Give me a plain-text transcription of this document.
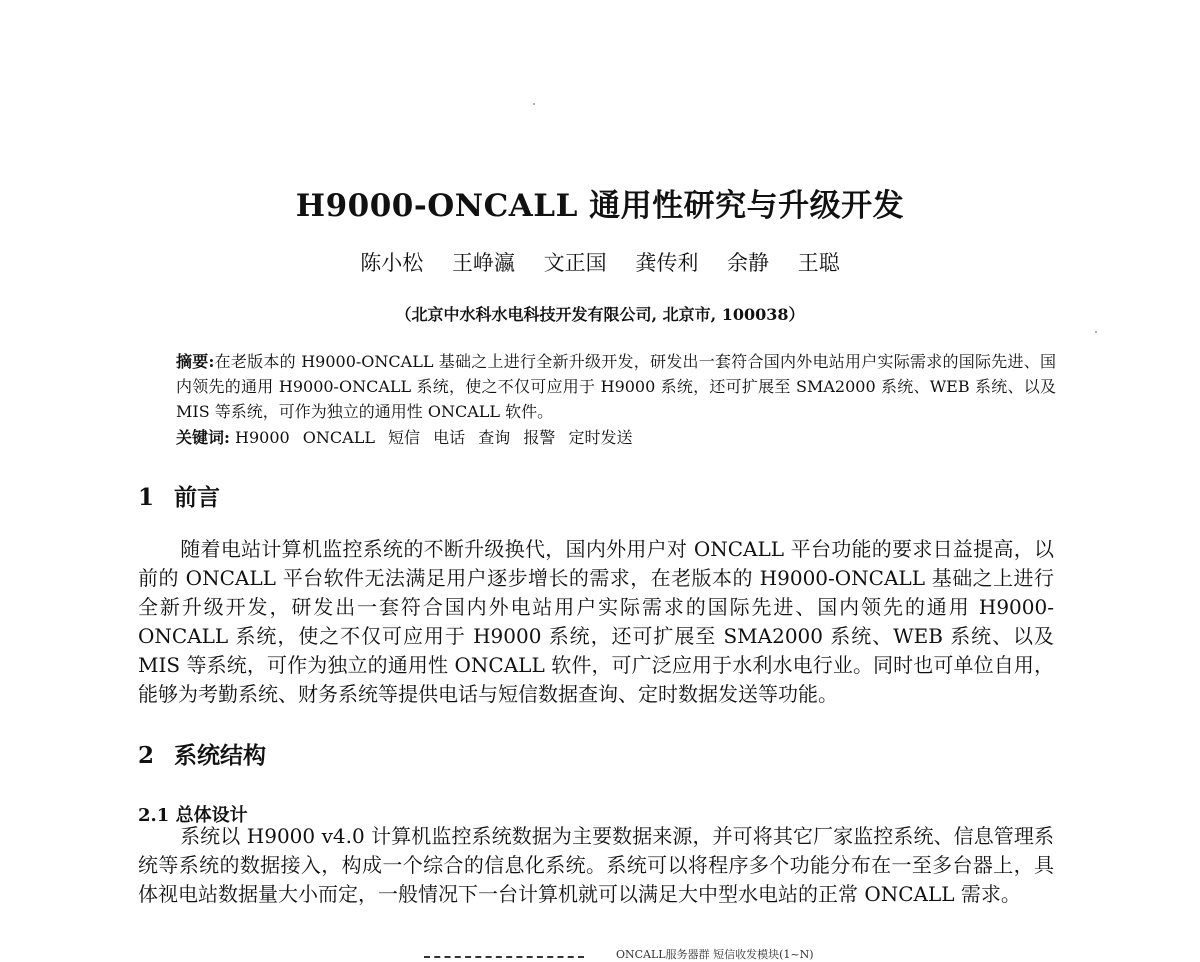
H9000-ONCALL 通用性研究与升级开发
陈小松 王峥瀛 文正国 龚传利 余静 王聪
（北京中水科水电科技开发有限公司, 北京市, 100038）
摘要:在老版本的 H9000-ONCALL 基础之上进行全新升级开发，研发出一套符合国内外电站用户实际需求的国际先进、国内领先的通用 H9000-ONCALL 系统，使之不仅可应用于 H9000 系统，还可扩展至 SMA2000 系统、WEB 系统、以及 MIS 等系统，可作为独立的通用性 ONCALL 软件。
关键词: H9000 ONCALL 短信 电话 查询 报警 定时发送
1 前言
随着电站计算机监控系统的不断升级换代，国内外用户对 ONCALL 平台功能的要求日益提高，以前的 ONCALL 平台软件无法满足用户逐步增长的需求，在老版本的 H9000-ONCALL 基础之上进行全新升级开发，研发出一套符合国内外电站用户实际需求的国际先进、国内领先的通用 H9000-ONCALL 系统，使之不仅可应用于 H9000 系统，还可扩展至 SMA2000 系统、WEB 系统、以及 MIS 等系统，可作为独立的通用性 ONCALL 软件，可广泛应用于水利水电行业。同时也可单位自用，能够为考勤系统、财务系统等提供电话与短信数据查询、定时数据发送等功能。
2 系统结构
2.1 总体设计
系统以 H9000 v4.0 计算机监控系统数据为主要数据来源，并可将其它厂家监控系统、信息管理系统等系统的数据接入，构成一个综合的信息化系统。系统可以将程序多个功能分布在一至多台器上，具体视电站数据量大小而定，一般情况下一台计算机就可以满足大中型水电站的正常 ONCALL 需求。
ONCALL服务器群 短信收发模块(1~N)
